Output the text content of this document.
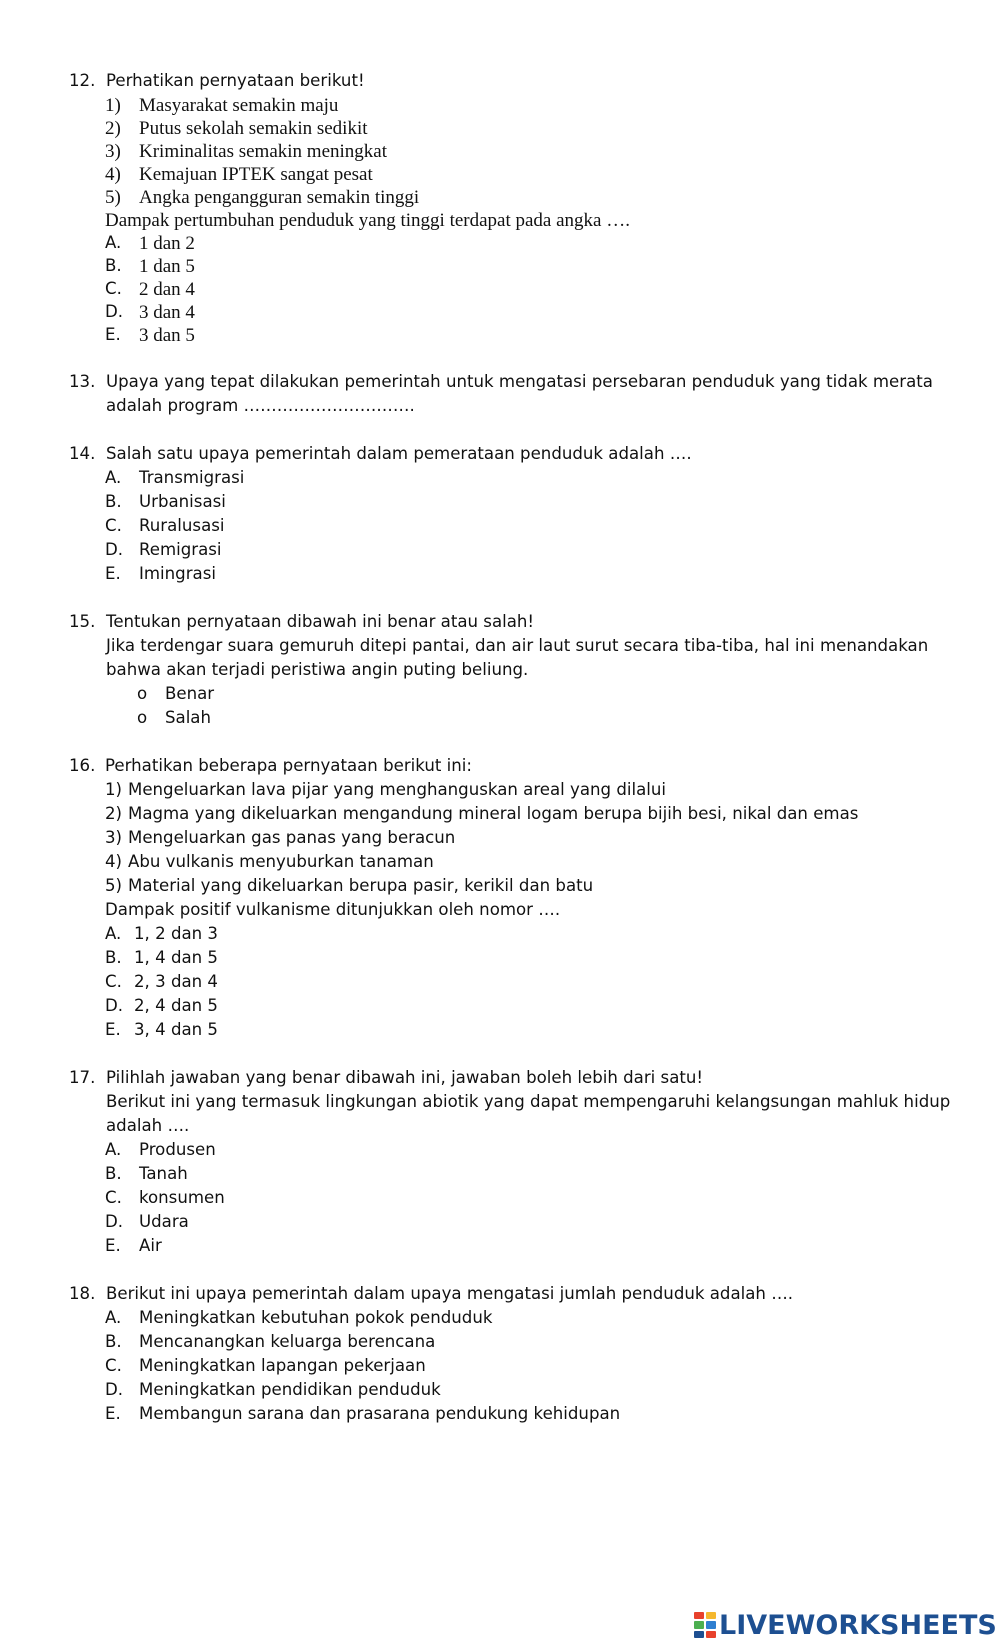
12. Perhatikan pernyataan berikut!
1) Masyarakat semakin maju
2) Putus sekolah semakin sedikit
3) Kriminalitas semakin meningkat
4) Kemajuan IPTEK sangat pesat
5) Angka pengangguran semakin tinggi
Dampak pertumbuhan penduduk yang tinggi terdapat pada angka ….
A. 1 dan 2
B. 1 dan 5
C. 2 dan 4
D. 3 dan 4
E. 3 dan 5
13. Upaya yang tepat dilakukan pemerintah untuk mengatasi persebaran penduduk yang tidak merata
adalah program ………………………….
14. Salah satu upaya pemerintah dalam pemerataan penduduk adalah ….
A. Transmigrasi
B. Urbanisasi
C. Ruralusasi
D. Remigrasi
E. Imingrasi
15. Tentukan pernyataan dibawah ini benar atau salah!
Jika terdengar suara gemuruh ditepi pantai, dan air laut surut secara tiba-tiba, hal ini menandakan
bahwa akan terjadi peristiwa angin puting beliung.
o Benar
o Salah
16. Perhatikan beberapa pernyataan berikut ini:
1) Mengeluarkan lava pijar yang menghanguskan areal yang dilalui
2) Magma yang dikeluarkan mengandung mineral logam berupa bijih besi, nikal dan emas
3) Mengeluarkan gas panas yang beracun
4) Abu vulkanis menyuburkan tanaman
5) Material yang dikeluarkan berupa pasir, kerikil dan batu
Dampak positif vulkanisme ditunjukkan oleh nomor ….
A. 1, 2 dan 3
B. 1, 4 dan 5
C. 2, 3 dan 4
D. 2, 4 dan 5
E. 3, 4 dan 5
17. Pilihlah jawaban yang benar dibawah ini, jawaban boleh lebih dari satu!
Berikut ini yang termasuk lingkungan abiotik yang dapat mempengaruhi kelangsungan mahluk hidup
adalah ….
A. Produsen
B. Tanah
C. konsumen
D. Udara
E. Air
18. Berikut ini upaya pemerintah dalam upaya mengatasi jumlah penduduk adalah ….
A. Meningkatkan kebutuhan pokok penduduk
B. Mencanangkan keluarga berencana
C. Meningkatkan lapangan pekerjaan
D. Meningkatkan pendidikan penduduk
E. Membangun sarana dan prasarana pendukung kehidupan
LIVEWORKSHEETS
